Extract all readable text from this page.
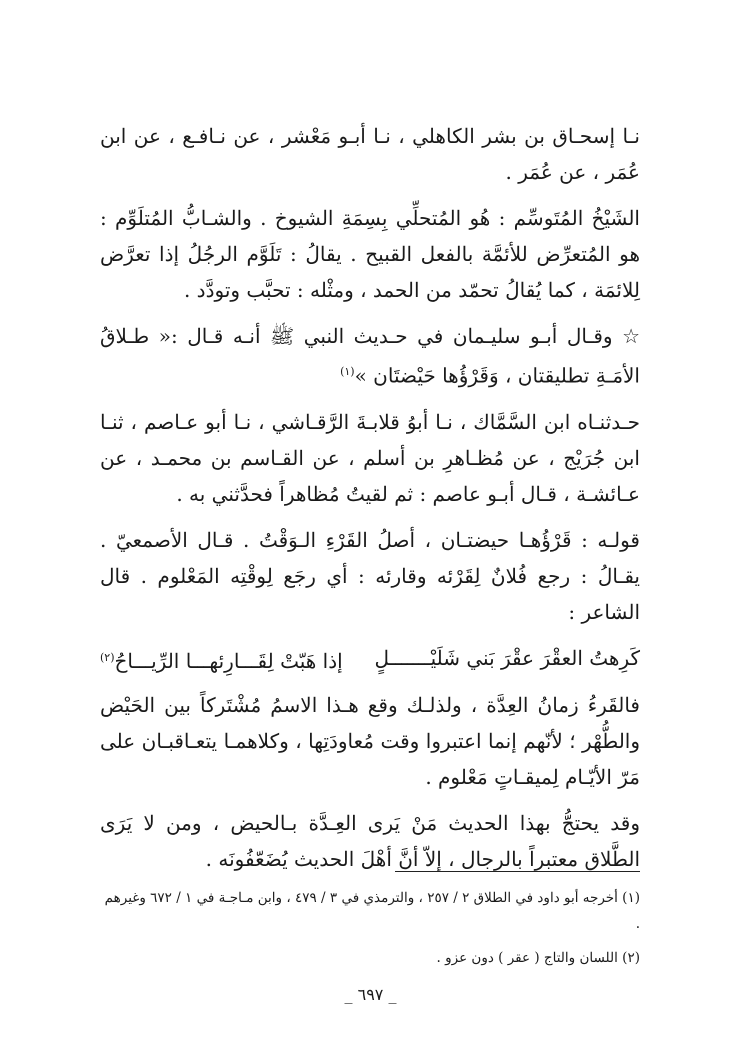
نـا إسحـاق بن بشر الكاهلي ، نـا أبـو مَعْشر ، عن نـافـع ، عن ابن عُمَر ، عن عُمَر .

الشَيْخُ المُتَوسِّم : هُو المُتحلِّي بِسِمَةِ الشيوخ . والشـابُّ المُتلَوِّم : هو المُتعرِّض للأئمَّة بالفعل القبيح . يقالُ : تَلَوَّم الرجُلُ إذا تعرَّض لِلائمَة ، كما يُقالُ تحمّد من الحمد ، ومثْله : تحبَّب وتودَّد .

☆ وقـال أبـو سليـمان في حـديث النبي ﷺ أنـه قـال :« طـلاقُ الأمَـةِ تطليقتان ، وَقَرْؤُها حَيْضتَان »$^{(١)}$

حـدثنـاه ابن السَّمَّاك ، نـا أبوُ قلابـةَ الرَّقـاشي ، نـا أبو عـاصم ، ثنـا ابن جُرَيْج ، عن مُظـاهرِ بن أسلم ، عن القـاسم بن محمـد ، عن عـائشـة ، قـال أبـو عاصم : ثم لقيتُ مُظاهراً فحدَّثني به .

قولـه : قَرْؤُهـا حيضتـان ، أصلُ القَرْءِ الـوَقْتُ . قـال الأصمعيّ . يقـالُ : رجع فُلانٌ لِقَرْئه وقارئه : أي رجَع لِوقْتِه المَعْلوم . قال الشاعر :

كَرِهتُ العقْرَ عقْرَ بَني شَلَيْـــــــلٍ
إذا هَبّتْ لِقَـــارِئهـــا الرِّيـــاحُ$^{(٢)}$

فالقَرءُ زمانُ العِدَّة ، ولذلـك وقع هـذا الاسمُ مُشْتَركاً بين الحَيْض والطُّهْر ؛ لأنّهم إنما اعتبروا وقت مُعاودَتِها ، وكلاهمـا يتعـاقبـان على مَرّ الأيّـام لِميقـاتٍ مَعْلوم .

وقد يحتجُّ بهذا الحديث مَنْ يَرى العِـدَّة بـالحيض ، ومن لا يَرَى الطَّلاق معتبراً بالرجال ، إلاّ أنَّ أهْلَ الحديث يُضَعّفُونَه .

(١) أخرجه أبو داود في الطلاق ٢ / ٢٥٧ ، والترمذي في ٣ / ٤٧٩ ، وابن مـاجـة في ١ / ٦٧٢ وغيرهم .

(٢) اللسان والتاج ( عقر ) دون عزو .

_ ٦٩٧ _
